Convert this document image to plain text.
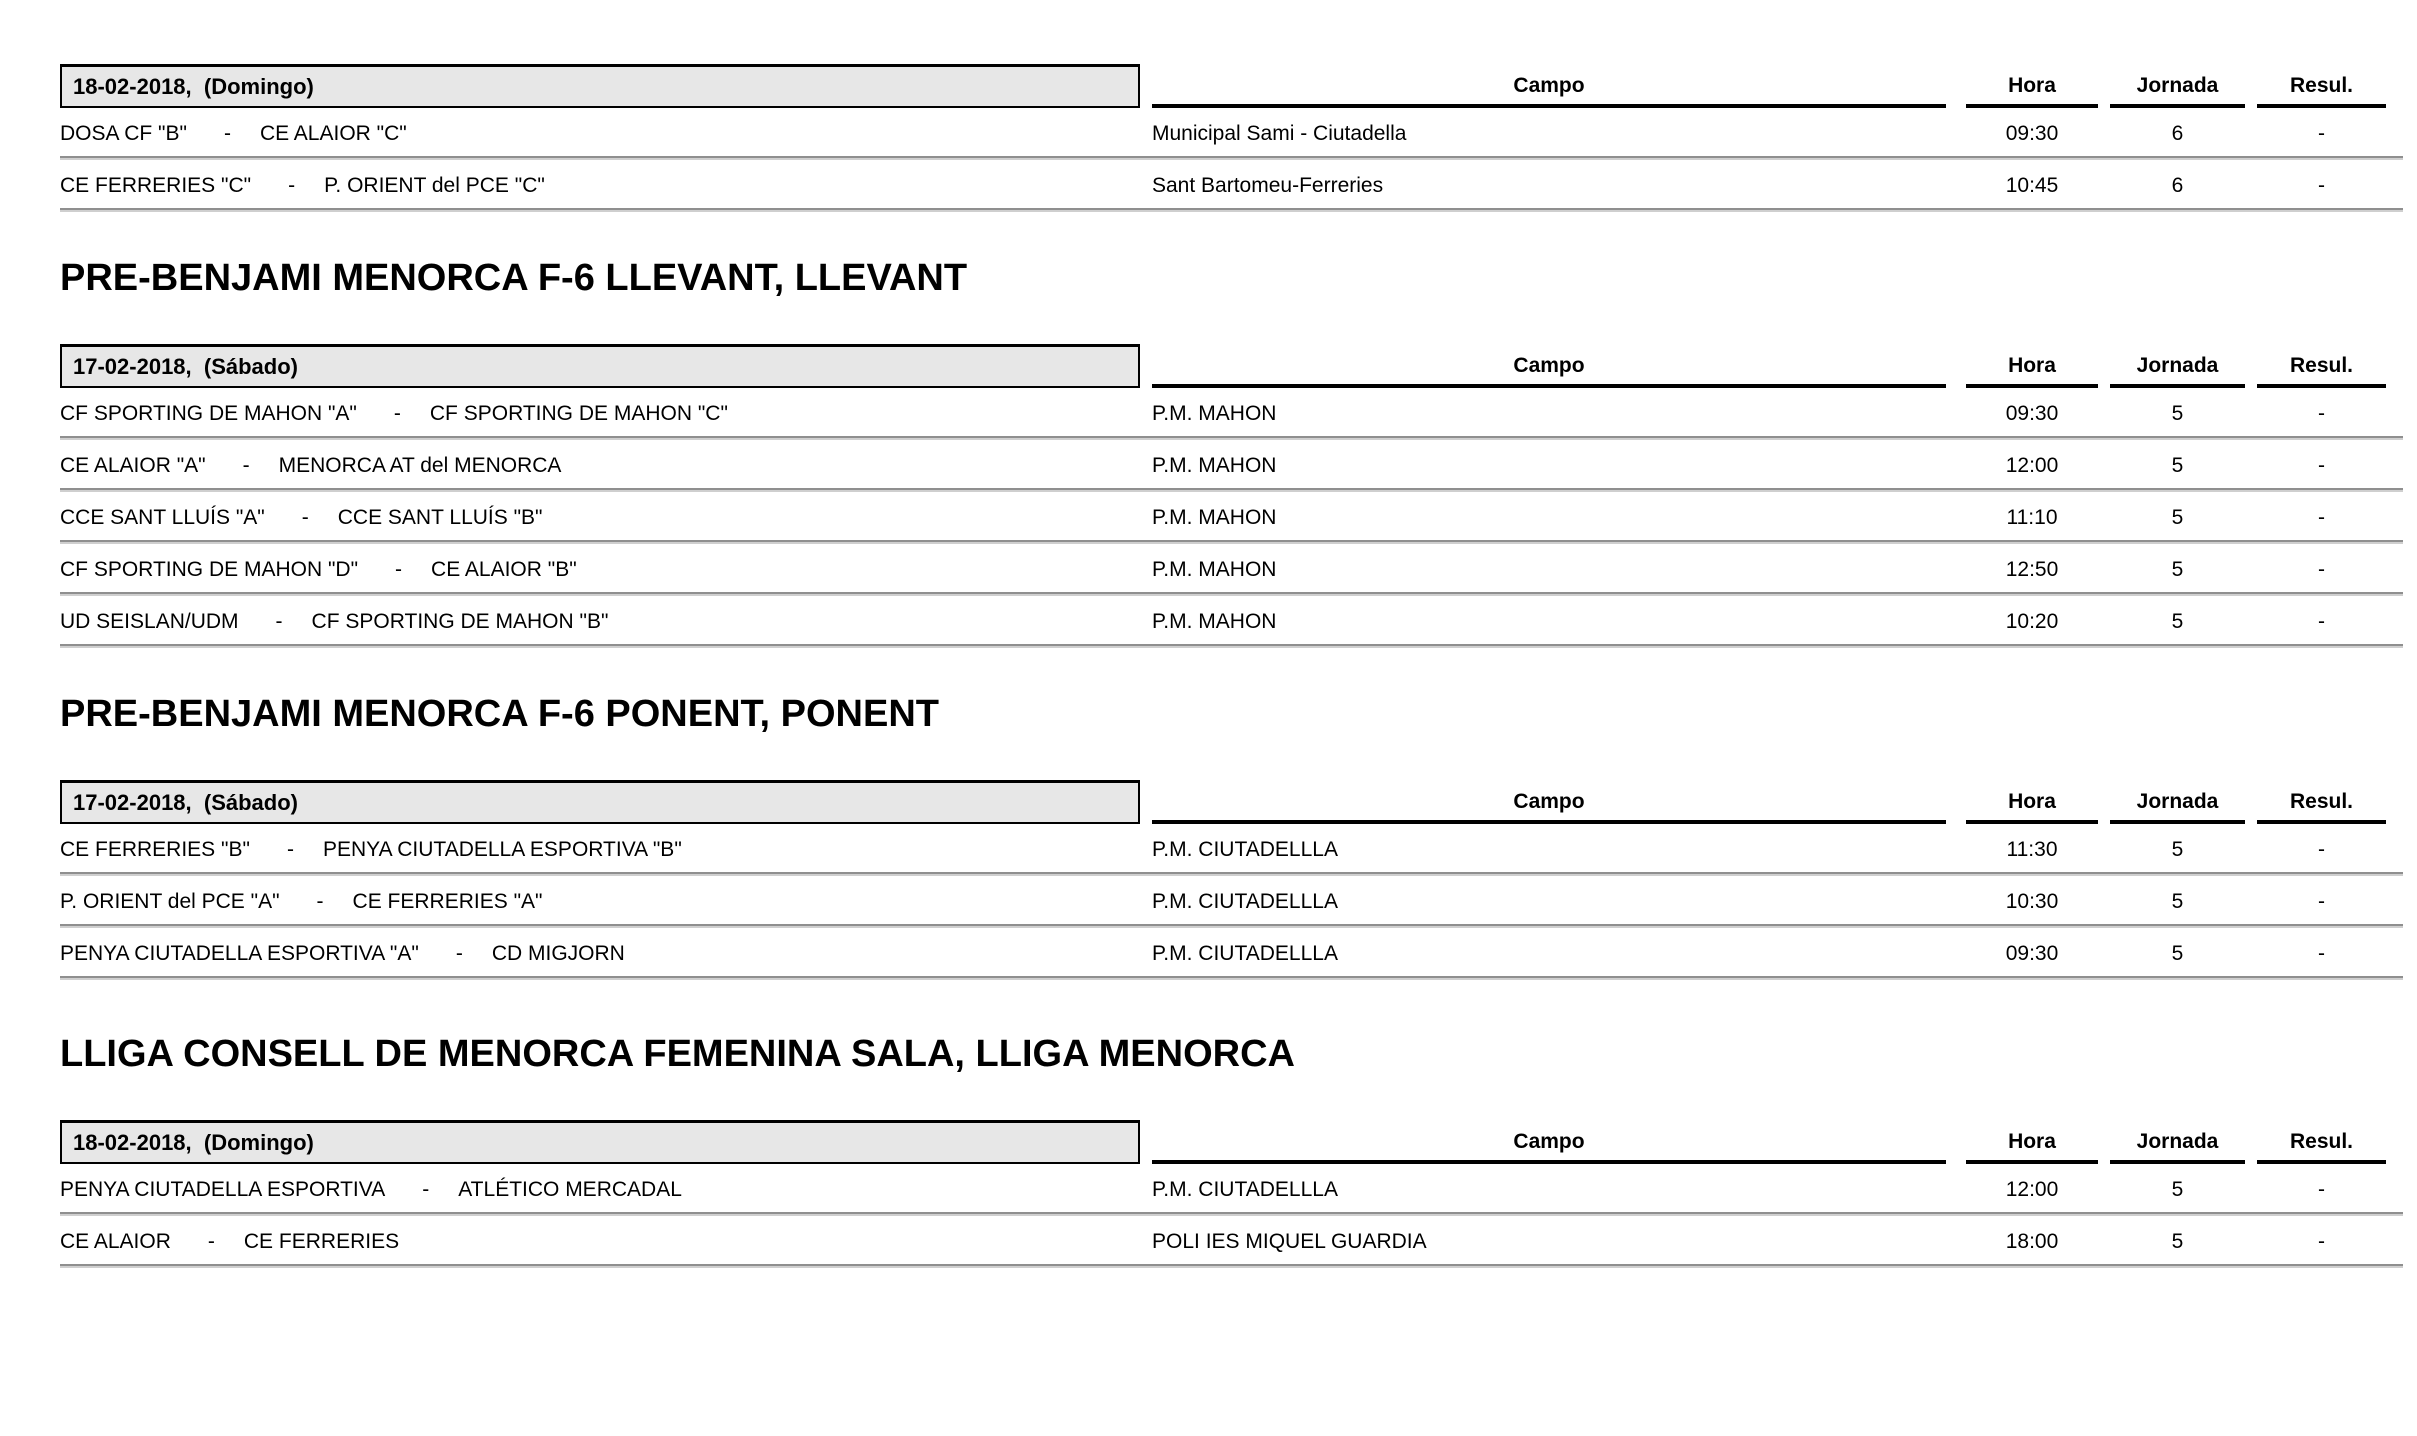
18-02-2018,  (Domingo)	Campo	Hora	Jornada	Resul.
DOSA CF "B" - CE ALAIOR "C"	Municipal Sami - Ciutadella	09:30	6	-
CE FERRERIES "C" - P. ORIENT del PCE "C"	Sant Bartomeu-Ferreries	10:45	6	-
PRE-BENJAMI MENORCA F-6 LLEVANT, LLEVANT
17-02-2018,  (Sábado)	Campo	Hora	Jornada	Resul.
CF SPORTING DE MAHON "A" - CF SPORTING DE MAHON "C"	P.M. MAHON	09:30	5	-
CE ALAIOR "A" - MENORCA AT del MENORCA	P.M. MAHON	12:00	5	-
CCE SANT LLUÍS "A" - CCE SANT LLUÍS "B"	P.M. MAHON	11:10	5	-
CF SPORTING DE MAHON "D" - CE ALAIOR "B"	P.M. MAHON	12:50	5	-
UD SEISLAN/UDM - CF SPORTING DE MAHON "B"	P.M. MAHON	10:20	5	-
PRE-BENJAMI MENORCA F-6 PONENT, PONENT
17-02-2018,  (Sábado)	Campo	Hora	Jornada	Resul.
CE FERRERIES "B" - PENYA CIUTADELLA ESPORTIVA "B"	P.M. CIUTADELLLA	11:30	5	-
P. ORIENT del PCE "A" - CE FERRERIES "A"	P.M. CIUTADELLLA	10:30	5	-
PENYA CIUTADELLA ESPORTIVA "A" - CD MIGJORN	P.M. CIUTADELLLA	09:30	5	-
LLIGA CONSELL DE MENORCA FEMENINA SALA, LLIGA MENORCA
18-02-2018,  (Domingo)	Campo	Hora	Jornada	Resul.
PENYA CIUTADELLA ESPORTIVA - ATLÉTICO MERCADAL	P.M. CIUTADELLLA	12:00	5	-
CE ALAIOR - CE FERRERIES	POLI IES MIQUEL GUARDIA	18:00	5	-
